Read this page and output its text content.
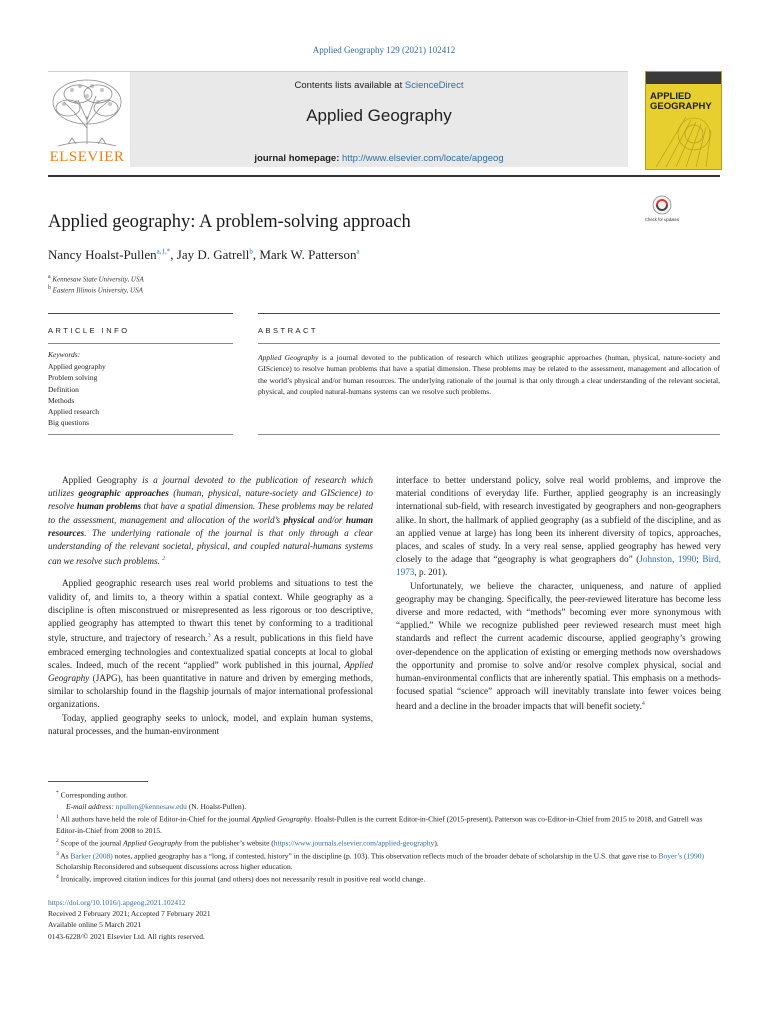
Applied Geography 129 (2021) 102412
Contents lists available at ScienceDirect
Applied Geography
journal homepage: http://www.elsevier.com/locate/apgeog
ELSEVIER
APPLIED
GEOGRAPHY
Applied geography: A problem-solving approach	Check for updates
Nancy Hoalst-Pullen$^{a,1,*}$, Jay D. Gatrell$^b$, Mark W. Patterson$^a$
$^a$ Kennesaw State University, USA
$^b$ Eastern Illinois University, USA
ARTICLE INFO	ABSTRACT
Keywords:
Applied geography
Problem solving
Definition
Methods
Applied research
Big questions

Applied Geography is a journal devoted to the publication of research which utilizes geographic approaches (human, physical, nature-society and GIScience) to resolve human problems that have a spatial dimension. These problems may be related to the assessment, management and allocation of the world’s physical and/or human resources. The underlying rationale of the journal is that only through a clear understanding of the relevant societal, physical, and coupled natural-humans systems can we resolve such problems.

Applied Geography is a journal devoted to the publication of research which utilizes geographic approaches (human, physical, nature-society and GIScience) to resolve human problems that have a spatial dimension. These problems may be related to the assessment, management and allocation of the world’s physical and/or human resources. The underlying rationale of the journal is that only through a clear understanding of the relevant societal, physical, and coupled natural-humans systems can we resolve such problems. $^2$

Applied geographic research uses real world problems and situations to test the validity of, and limits to, a theory within a spatial context. While geography as a discipline is often misconstrued or misrepresented as less rigorous or too descriptive, applied geography has attempted to thwart this tenet by conforming to a traditional style, structure, and trajectory of research.$^3$ As a result, publications in this field have embraced emerging technologies and contextualized spatial concepts at local to global scales. Indeed, much of the recent “applied” work published in this journal, Applied Geography (JAPG), has been quantitative in nature and driven by emerging methods, similar to scholarship found in the flagship journals of major international professional organizations.

Today, applied geography seeks to unlock, model, and explain human systems, natural processes, and the human-environment

interface to better understand policy, solve real world problems, and improve the material conditions of everyday life. Further, applied geography is an increasingly international sub-field, with research investigated by geographers and non-geographers alike. In short, the hallmark of applied geography (as a subfield of the discipline, and as an applied venue at large) has long been its inherent diversity of topics, approaches, places, and scales of study. In a very real sense, applied geography has hewed very closely to the adage that “geography is what geographers do” (Johnston, 1990; Bird, 1973, p. 201).

Unfortunately, we believe the character, uniqueness, and nature of applied geography may be changing. Specifically, the peer-reviewed literature has become less diverse and more redacted, with “methods” becoming ever more synonymous with “applied.” While we recognize published peer reviewed research must meet high standards and reflect the current academic discourse, applied geography’s growing over-dependence on the application of existing or emerging methods now overshadows the opportunity and promise to solve and/or resolve complex physical, social and human-environmental conflicts that are inherently spatial. This emphasis on a methods-focused spatial “science” approach will inevitably translate into fewer voices being heard and a decline in the broader impacts that will benefit society.$^4$

* Corresponding author.

E-mail address: npullen@kennesaw.edu (N. Hoalst-Pullen).

$^1$ All authors have held the role of Editor-in-Chief for the journal Applied Geography. Hoalst-Pullen is the current Editor-in-Chief (2015-present), Patterson was co-Editor-in-Chief from 2015 to 2018, and Gatrell was Editor-in-Chief from 2008 to 2015.

$^2$ Scope of the journal Applied Geography from the publisher’s website (https://www.journals.elsevier.com/applied-geography).

$^3$ As Barker (2008) notes, applied geography has a “long, if contested, history” in the discipline (p. 103). This observation reflects much of the broader debate of scholarship in the U.S. that gave rise to Boyer’s (1990) Scholarship Reconsidered and subsequent discussions across higher education.

$^4$ Ironically, improved citation indices for this journal (and others) does not necessarily result in positive real world change.

https://doi.org/10.1016/j.apgeog.2021.102412

Received 2 February 2021; Accepted 7 February 2021

Available online 5 March 2021

0143-6228/© 2021 Elsevier Ltd. All rights reserved.
